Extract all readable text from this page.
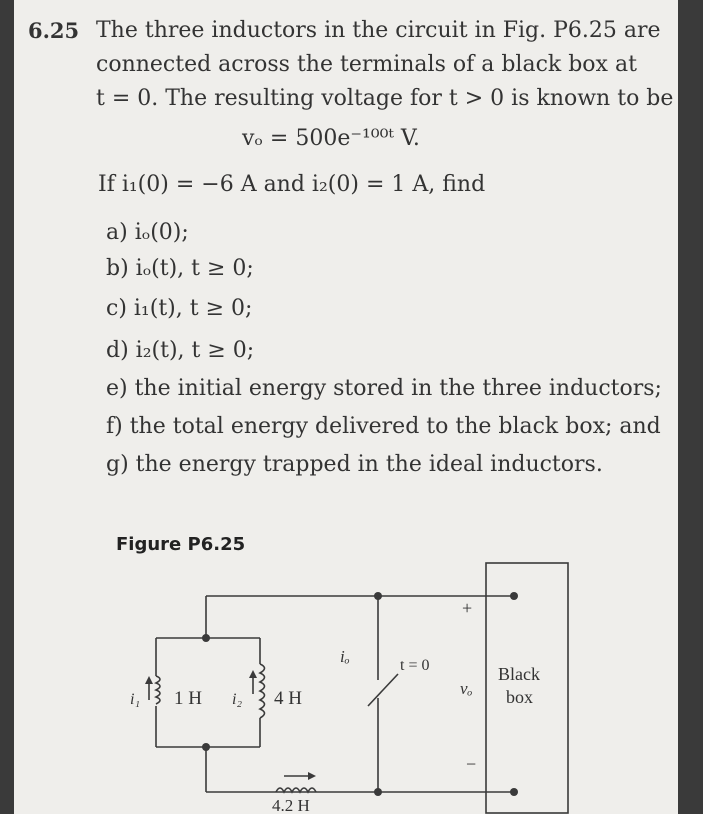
6.25 The three inductors in the circuit in Fig. P6.25 are
connected across the terminals of a black box at
t = 0. The resulting voltage for t > 0 is known to be
vₒ = 500e⁻¹⁰⁰ᵗ V.
If i₁(0) = −6 A and i₂(0) = 1 A, find
a) iₒ(0);
b) iₒ(t), t ≥ 0;
c) i₁(t), t ≥ 0;
d) i₂(t), t ≥ 0;
e) the initial energy stored in the three inductors;
f) the total energy delivered to the black box; and
g) the energy trapped in the ideal inductors.
Figure P6.25
i₁ 1 H i₂ 4 H
4.2 H
iₒ	t = 0
+
vₒ
−
Black
box
